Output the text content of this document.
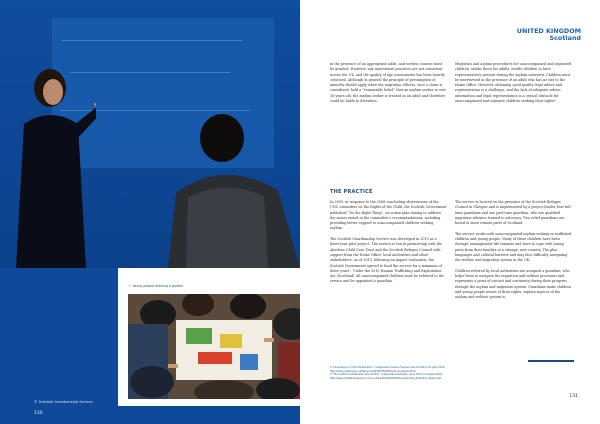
© Scottish Guardianship Service
130
→ Young people drawing a garden
UNITED KINGDOM
Scotland

in the presence of an appropriate adult, and written consent must be granted. However, age assessment practices are not consistent across the UK, and the quality of age assessments has been heavily criticised. Although in general the principle of presumption of minority should apply when the migration officers, once a claim is considered, hold a “reasonable belief” that an asylum seeker is over 18 years old, the asylum seeker is treated as an adult and therefore could be liable to detention.

Migration and asylum procedures for unaccompanied and separated children, unlike those for adults, entitle children to have representatives present during the asylum interview. Children must be interviewed in the presence of an adult who has no ties to the Home Office. However, obtaining good quality legal advice and representation is a challenge, and the lack of adequate advice, information and legal representation is a critical obstacle for unaccompanied and separate children seeking their rights⁴.

THE PRACTICE

In 2009, in response to the 2008 concluding observations of the UNC committee on the Rights of the Child, the Scottish Government published “Do the Right Thing”, an action plan aiming to address the issues raised in the committee’s recommendations, including providing better support to unaccompanied children seeking asylum.

The Scottish Guardianship Service was developed in 2010 as a three-year pilot project. The service is run in partnership with the Aberlour Child Care Trust and the Scottish Refugee Council with support from the Home Office, local authorities and other stakeholders. As of 2013, following an impact evaluation, the Scottish Government agreed to fund the service for a minimum of three years⁵. Under the 2015 Human Trafficking and Exploitation Act (Scotland), all unaccompanied children must be referred to the service and be appointed a guardian.

The service is located on the premises of the Scottish Refugee Council in Glasgow and is implemented by a project leader, four full-time guardians and one part-time guardian, who are qualified migration advisers trained to advocacy. Two relief guardians are based in more remote parts of Scotland.

The service works with unaccompanied asylum-seeking or trafficked children and young people. Many of these children have been through unimaginable life traumas and have to cope with losing parts from their families in a strange, new country. The plus languages and cultural barriers and may face difficulty navigating the welfare and migration system in the UK.

Children referred by local authorities are assigned a guardian, who helps them to navigate the migration and welfare processes and represents a point of contact and continuity during their progress through the asylum and migration system. Guardians make children and young people aware of their rights, explain aspects of the asylum and welfare system to

4 “Counselling on Child Identification”, independent review of asylum law and Policy UK (April 2012)

http://www.scotland.gov.uk/Resource/0039/00391828.pdf (accessed 2014)

5 “The Scottish Guardianship Service Pilot”, independent evaluation (June 2013) (Accessed 2014)

http://www.scottishrefugeecouncil.org.uk/assets/0000/6640/Guardianship_Evaluation_Report.pdf

131
